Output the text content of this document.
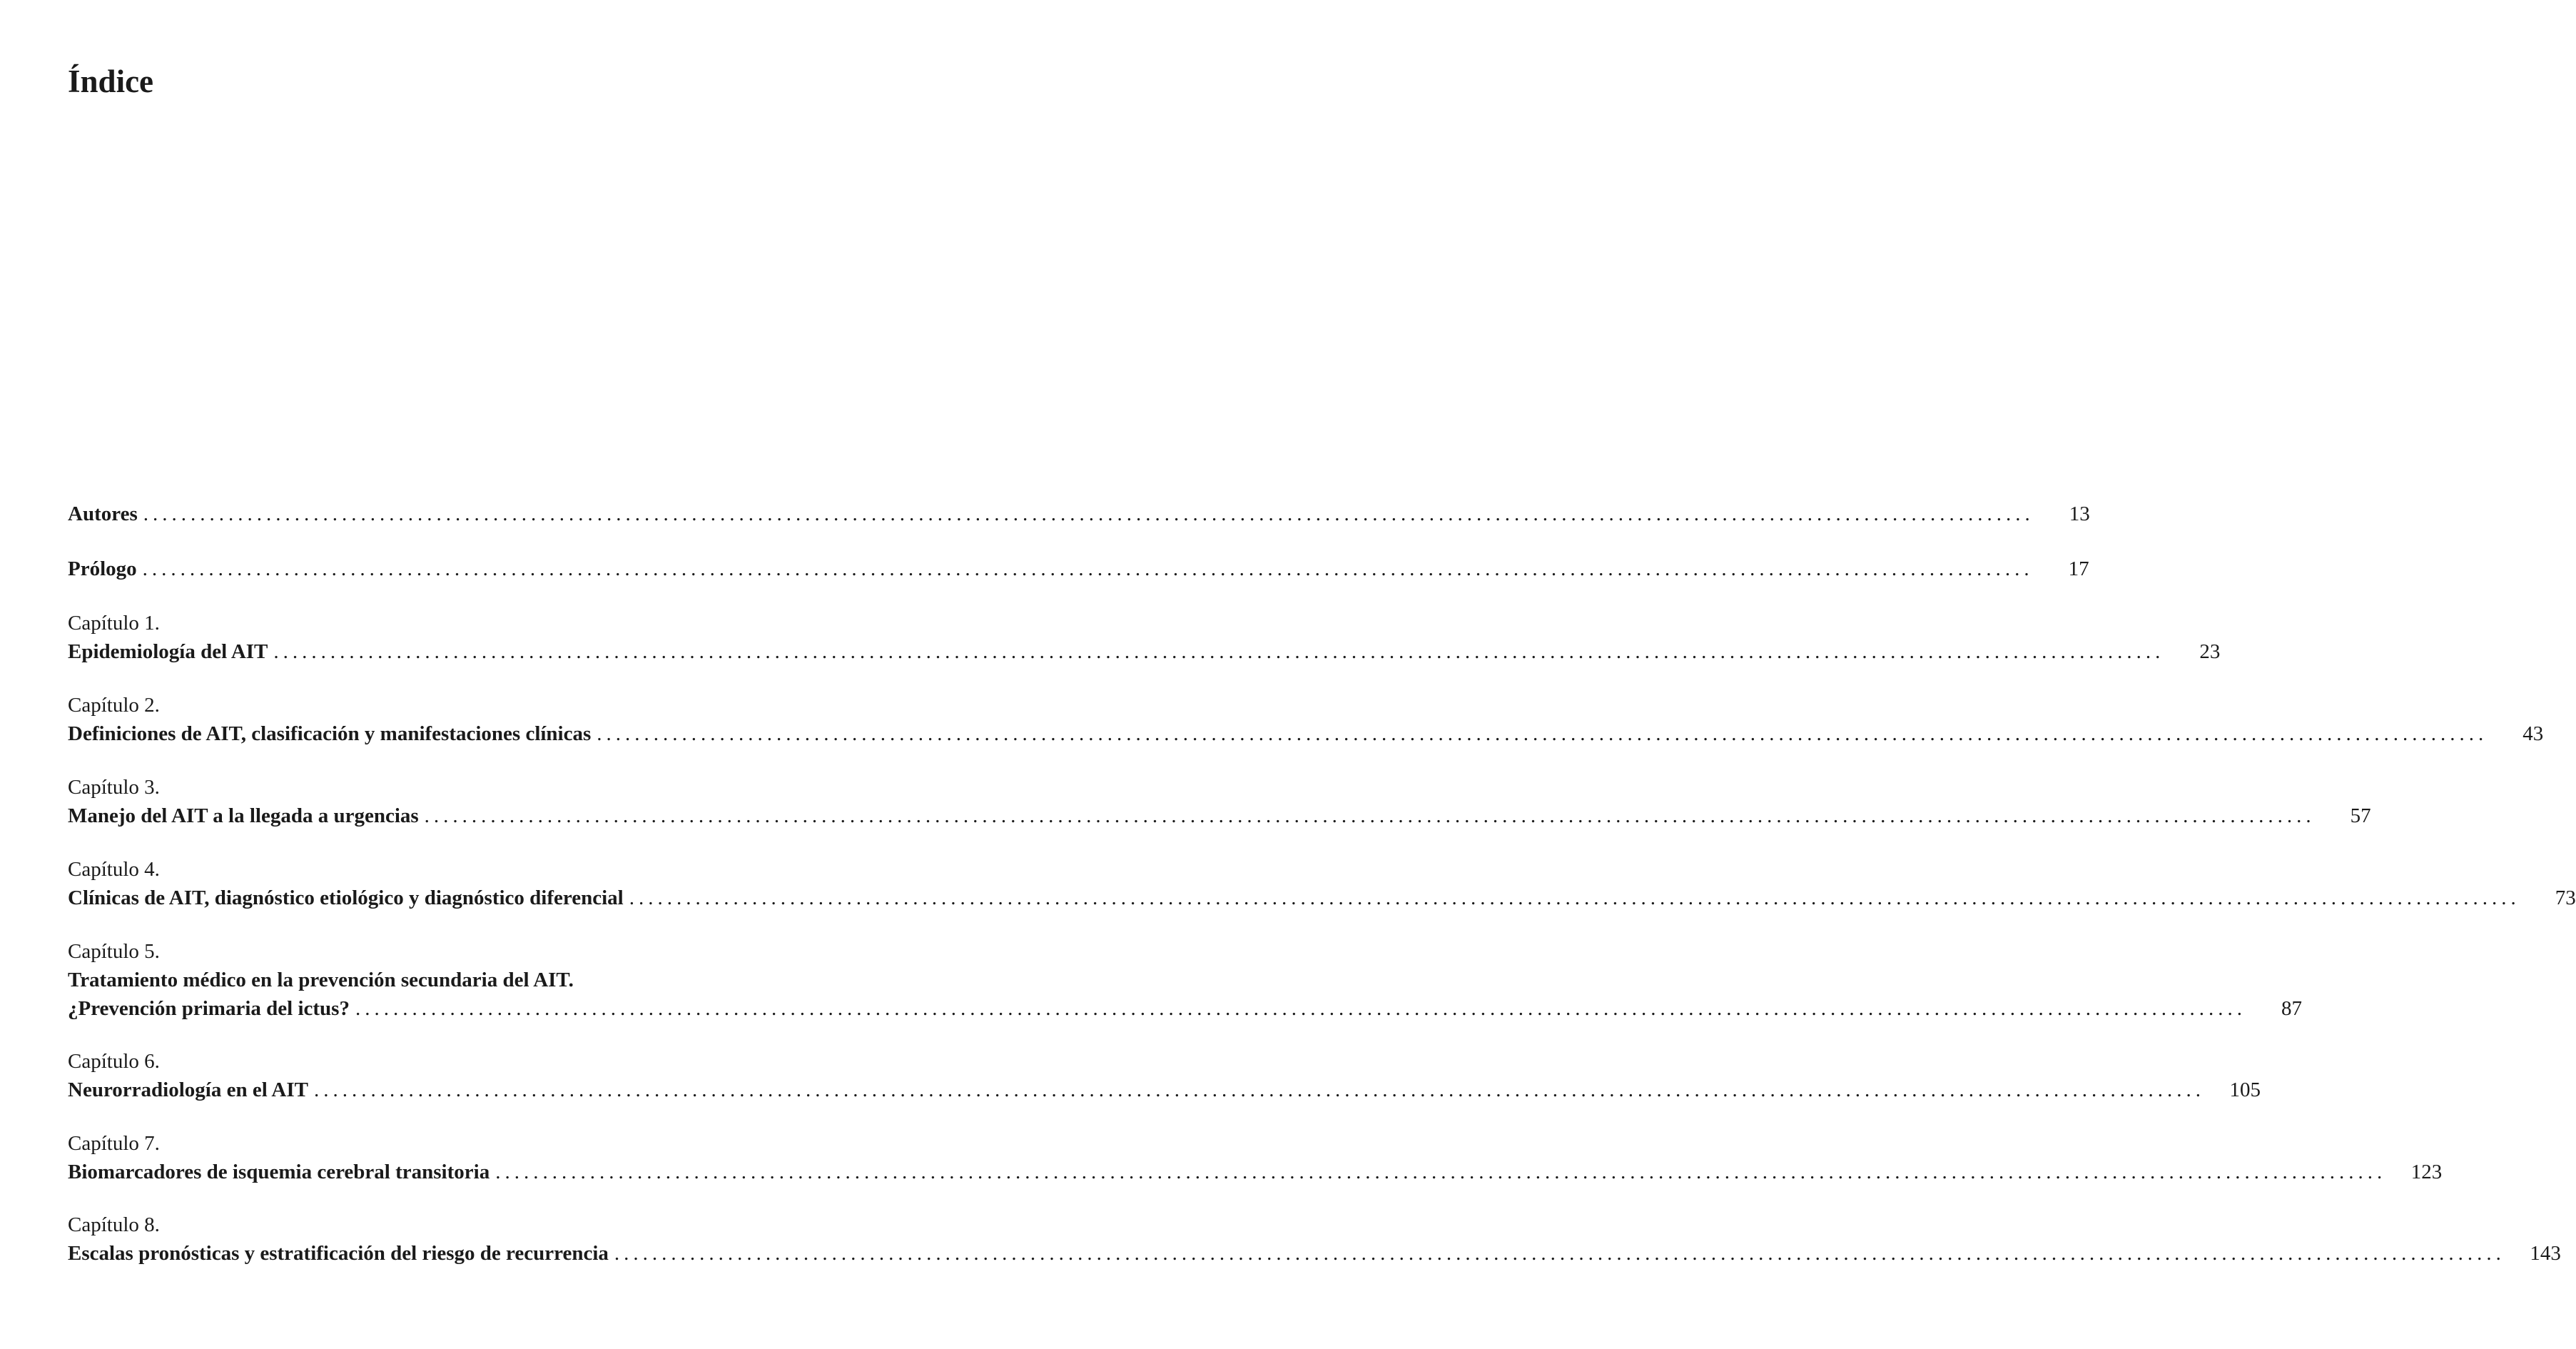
Índice
Autores ........................................................................................................................................................................................................	13
Prólogo ........................................................................................................................................................................................................	17
Capítulo 1.
Epidemiología del AIT ........................................................................................................................................................................................................	23
Capítulo 2.
Definiciones de AIT, clasificación y manifestaciones clínicas ........................................................................................................................................................................................................	43
Capítulo 3.
Manejo del AIT a la llegada a urgencias ........................................................................................................................................................................................................	57
Capítulo 4.
Clínicas de AIT, diagnóstico etiológico y diagnóstico diferencial ........................................................................................................................................................................................................	73
Capítulo 5.
Tratamiento médico en la prevención secundaria del AIT.
¿Prevención primaria del ictus? ........................................................................................................................................................................................................	87
Capítulo 6.
Neurorradiología en el AIT ........................................................................................................................................................................................................	105
Capítulo 7.
Biomarcadores de isquemia cerebral transitoria ........................................................................................................................................................................................................	123
Capítulo 8.
Escalas pronósticas y estratificación del riesgo de recurrencia ........................................................................................................................................................................................................	143
